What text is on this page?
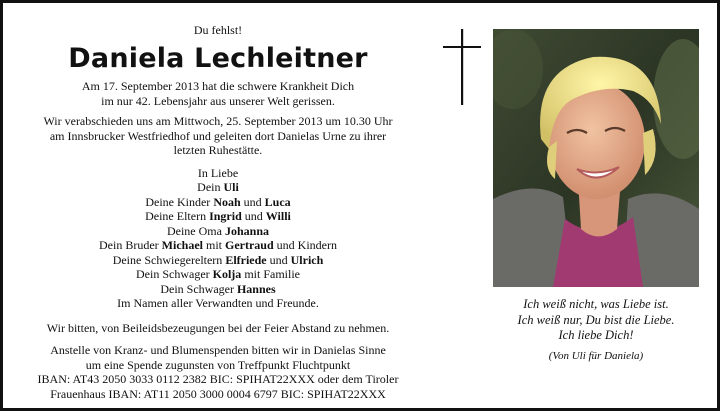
Du fehlst!

Daniela Lechleitner

Am 17. September 2013 hat die schwere Krankheit Dich

im nur 42. Lebensjahr aus unserer Welt gerissen.

Wir verabschieden uns am Mittwoch, 25. September 2013 um 10.30 Uhr

am Innsbrucker Westfriedhof und geleiten dort Danielas Urne zu ihrer

letzten Ruhestätte.

In Liebe

Dein Uli

Deine Kinder Noah und Luca

Deine Eltern Ingrid und Willi

Deine Oma Johanna

Dein Bruder Michael mit Gertraud und Kindern

Deine Schwiegereltern Elfriede und Ulrich

Dein Schwager Kolja mit Familie

Dein Schwager Hannes

Im Namen aller Verwandten und Freunde.

Wir bitten, von Beileidsbezeugungen bei der Feier Abstand zu nehmen.

Anstelle von Kranz- und Blumenspenden bitten wir in Danielas Sinne

um eine Spende zugunsten von Treffpunkt Fluchtpunkt

IBAN: AT43 2050 3033 0112 2382 BIC: SPIHAT22XXX oder dem Tiroler

Frauenhaus IBAN: AT11 2050 3000 0004 6797 BIC: SPIHAT22XXX

Ich weiß nicht, was Liebe ist.

Ich weiß nur, Du bist die Liebe.

Ich liebe Dich!

(Von Uli für Daniela)
